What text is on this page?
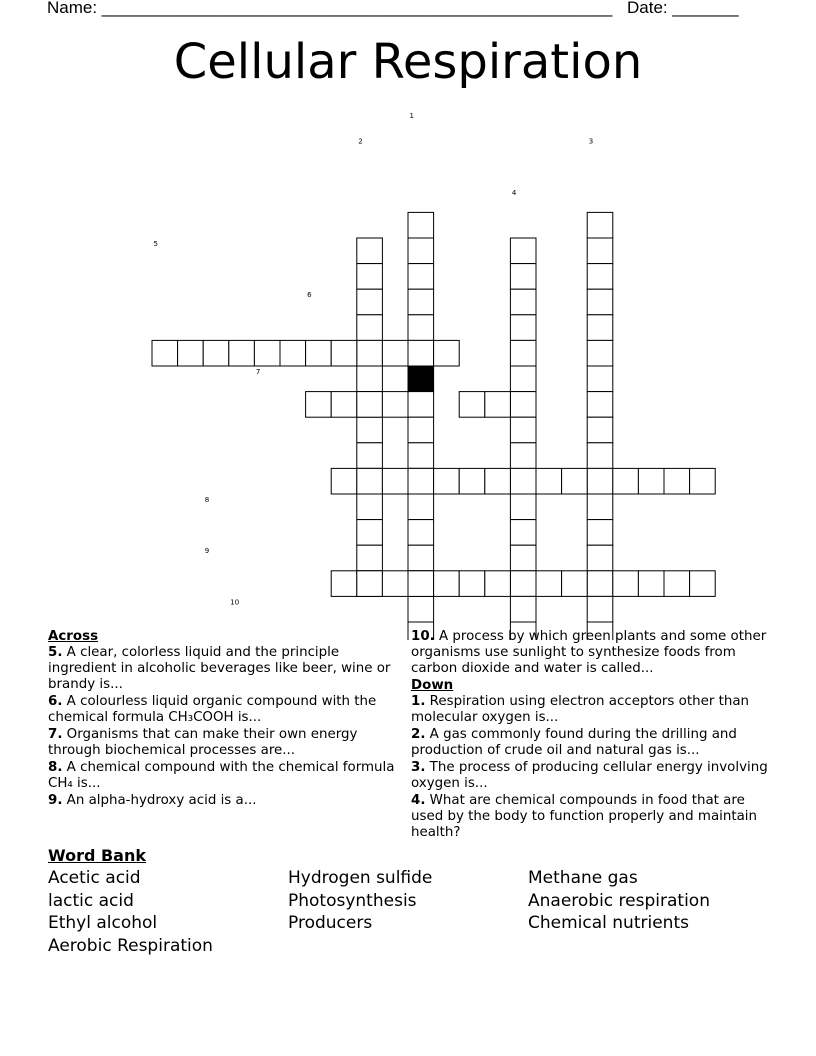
Name: ______________________________________________________ Date: _______
Cellular Respiration
1
2	3
4
5
6
7
8
9
10
Across
5. A clear, colorless liquid and the principle ingredient in alcoholic beverages like beer, wine or brandy is...
6. A colourless liquid organic compound with the chemical formula CH₃COOH is...
7. Organisms that can make their own energy through biochemical processes are...
8. A chemical compound with the chemical formula CH₄ is...
9. An alpha-hydroxy acid is a...
10. A process by which green plants and some other organisms use sunlight to synthesize foods from carbon dioxide and water is called...
Down
1. Respiration using electron acceptors other than molecular oxygen is...
2. A gas commonly found during the drilling and production of crude oil and natural gas is...
3. The process of producing cellular energy involving oxygen is...
4. What are chemical compounds in food that are used by the body to function properly and maintain health?
Word Bank
Acetic acid
lactic acid
Ethyl alcohol
Aerobic Respiration
Hydrogen sulfide
Photosynthesis
Producers
Methane gas
Anaerobic respiration
Chemical nutrients
